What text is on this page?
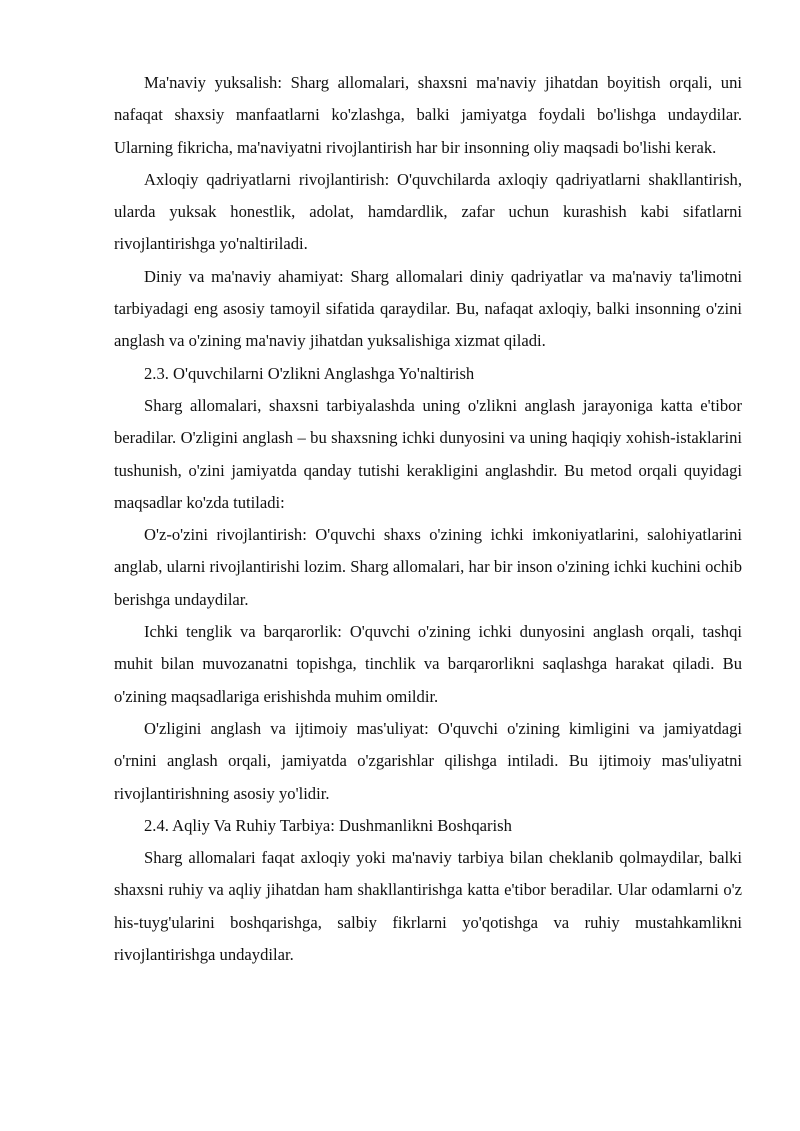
Ma'naviy yuksalish: Sharg allomalari, shaxsni ma'naviy jihatdan boyitish orqali, uni nafaqat shaxsiy manfaatlarni ko'zlashga, balki jamiyatga foydali bo'lishga undaydilar. Ularning fikricha, ma'naviyatni rivojlantirish har bir insonning oliy maqsadi bo'lishi kerak.

Axloqiy qadriyatlarni rivojlantirish: O'quvchilarda axloqiy qadriyatlarni shakllantirish, ularda yuksak honestlik, adolat, hamdardlik, zafar uchun kurashish kabi sifatlarni rivojlantirishga yo'naltiriladi.

Diniy va ma'naviy ahamiyat: Sharg allomalari diniy qadriyatlar va ma'naviy ta'limotni tarbiyadagi eng asosiy tamoyil sifatida qaraydilar. Bu, nafaqat axloqiy, balki insonning o'zini anglash va o'zining ma'naviy jihatdan yuksalishiga xizmat qiladi.

2.3. O'quvchilarni O'zlikni Anglashga Yo'naltirish

Sharg allomalari, shaxsni tarbiyalashda uning o'zlikni anglash jarayoniga katta e'tibor beradilar. O'zligini anglash – bu shaxsning ichki dunyosini va uning haqiqiy xohish-istaklarini tushunish, o'zini jamiyatda qanday tutishi kerakligini anglashdir. Bu metod orqali quyidagi maqsadlar ko'zda tutiladi:

O'z-o'zini rivojlantirish: O'quvchi shaxs o'zining ichki imkoniyatlarini, salohiyatlarini anglab, ularni rivojlantirishi lozim. Sharg allomalari, har bir inson o'zining ichki kuchini ochib berishga undaydilar.

Ichki tenglik va barqarorlik: O'quvchi o'zining ichki dunyosini anglash orqali, tashqi muhit bilan muvozanatni topishga, tinchlik va barqarorlikni saqlashga harakat qiladi. Bu o'zining maqsadlariga erishishda muhim omildir.

O'zligini anglash va ijtimoiy mas'uliyat: O'quvchi o'zining kimligini va jamiyatdagi o'rnini anglash orqali, jamiyatda o'zgarishlar qilishga intiladi. Bu ijtimoiy mas'uliyatni rivojlantirishning asosiy yo'lidir.

2.4. Aqliy Va Ruhiy Tarbiya: Dushmanlikni Boshqarish

Sharg allomalari faqat axloqiy yoki ma'naviy tarbiya bilan cheklanib qolmaydilar, balki shaxsni ruhiy va aqliy jihatdan ham shakllantirishga katta e'tibor beradilar. Ular odamlarni o'z his-tuyg'ularini boshqarishga, salbiy fikrlarni yo'qotishga va ruhiy mustahkamlikni rivojlantirishga undaydilar.
